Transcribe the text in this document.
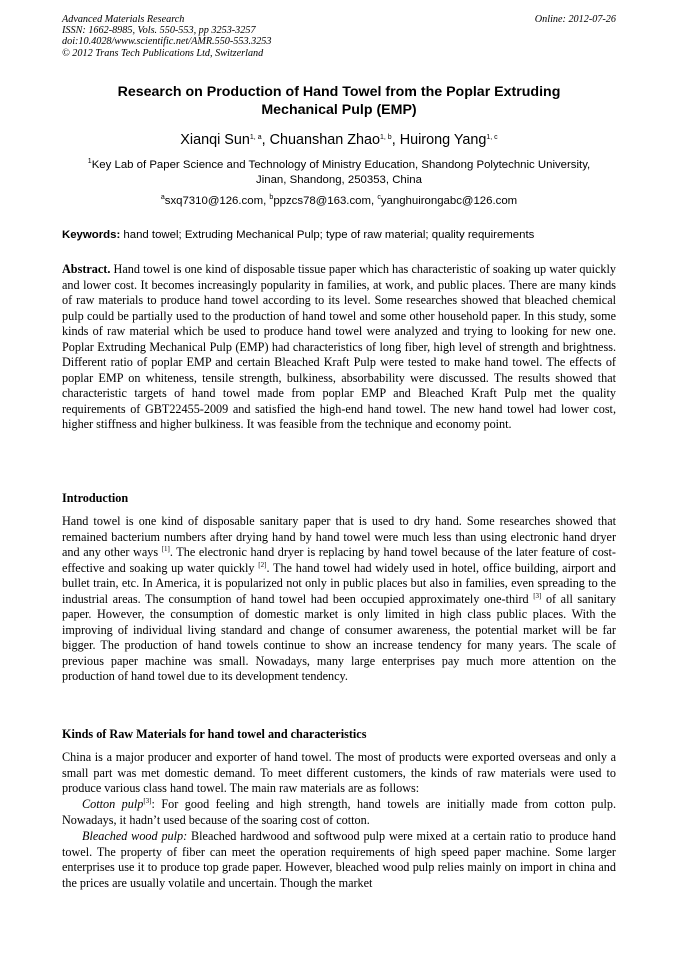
Advanced Materials Research
ISSN: 1662-8985, Vols. 550-553, pp 3253-3257
doi:10.4028/www.scientific.net/AMR.550-553.3253
© 2012 Trans Tech Publications Ltd, Switzerland
Online: 2012-07-26
Research on Production of Hand Towel from the Poplar Extruding
Mechanical Pulp (EMP)
Xianqi Sun$^{1, a}$, Chuanshan Zhao$^{1, b}$, Huirong Yang$^{1, c}$
$^1$Key Lab of Paper Science and Technology of Ministry Education, Shandong Polytechnic University,
Jinan, Shandong, 250353, China
$^a$sxq7310@126.com, $^b$ppzcs78@163.com, $^c$yanghuirongabc@126.com
Keywords: hand towel; Extruding Mechanical Pulp; type of raw material; quality requirements

Abstract. Hand towel is one kind of disposable tissue paper which has characteristic of soaking up water quickly and lower cost. It becomes increasingly popularity in families, at work, and public places. There are many kinds of raw materials to produce hand towel according to its level. Some researches showed that bleached chemical pulp could be partially used to the production of hand towel and some other household paper. In this study, some kinds of raw material which be used to produce hand towel were analyzed and trying to looking for new one. Poplar Extruding Mechanical Pulp (EMP) had characteristics of long fiber, high level of strength and brightness. Different ratio of poplar EMP and certain Bleached Kraft Pulp were tested to make hand towel. The effects of poplar EMP on whiteness, tensile strength, bulkiness, absorbability were discussed. The results showed that characteristic targets of hand towel made from poplar EMP and Bleached Kraft Pulp met the quality requirements of GBT22455-2009 and satisfied the high-end hand towel. The new hand towel had lower cost, higher stiffness and higher bulkiness. It was feasible from the technique and economy point.

Introduction

Hand towel is one kind of disposable sanitary paper that is used to dry hand. Some researches showed that remained bacterium numbers after drying hand by hand towel were much less than using electronic hand dryer and any other ways [1]. The electronic hand dryer is replacing by hand towel because of the later feature of cost-effective and soaking up water quickly [2]. The hand towel had widely used in hotel, office building, airport and bullet train, etc. In America, it is popularized not only in public places but also in families, even spreading to the industrial areas. The consumption of hand towel had been occupied approximately one-third [3] of all sanitary paper. However, the consumption of domestic market is only limited in high class public places. With the improving of individual living standard and change of consumer awareness, the potential market will be far bigger. The production of hand towels continue to show an increase tendency for many years. The scale of previous paper machine was small. Nowadays, many large enterprises pay much more attention on the production of hand towel due to its development tendency.

Kinds of Raw Materials for hand towel and characteristics

China is a major producer and exporter of hand towel. The most of products were exported overseas and only a small part was met domestic demand. To meet different customers, the kinds of raw materials were used to produce various class hand towel. The main raw materials are as follows:

Cotton pulp[3]: For good feeling and high strength, hand towels are initially made from cotton pulp. Nowadays, it hadn’t used because of the soaring cost of cotton.

Bleached wood pulp: Bleached hardwood and softwood pulp were mixed at a certain ratio to produce hand towel. The property of fiber can meet the operation requirements of high speed paper machine. Some larger enterprises use it to produce top grade paper. However, bleached wood pulp relies mainly on import in china and the prices are usually volatile and uncertain. Though the market
